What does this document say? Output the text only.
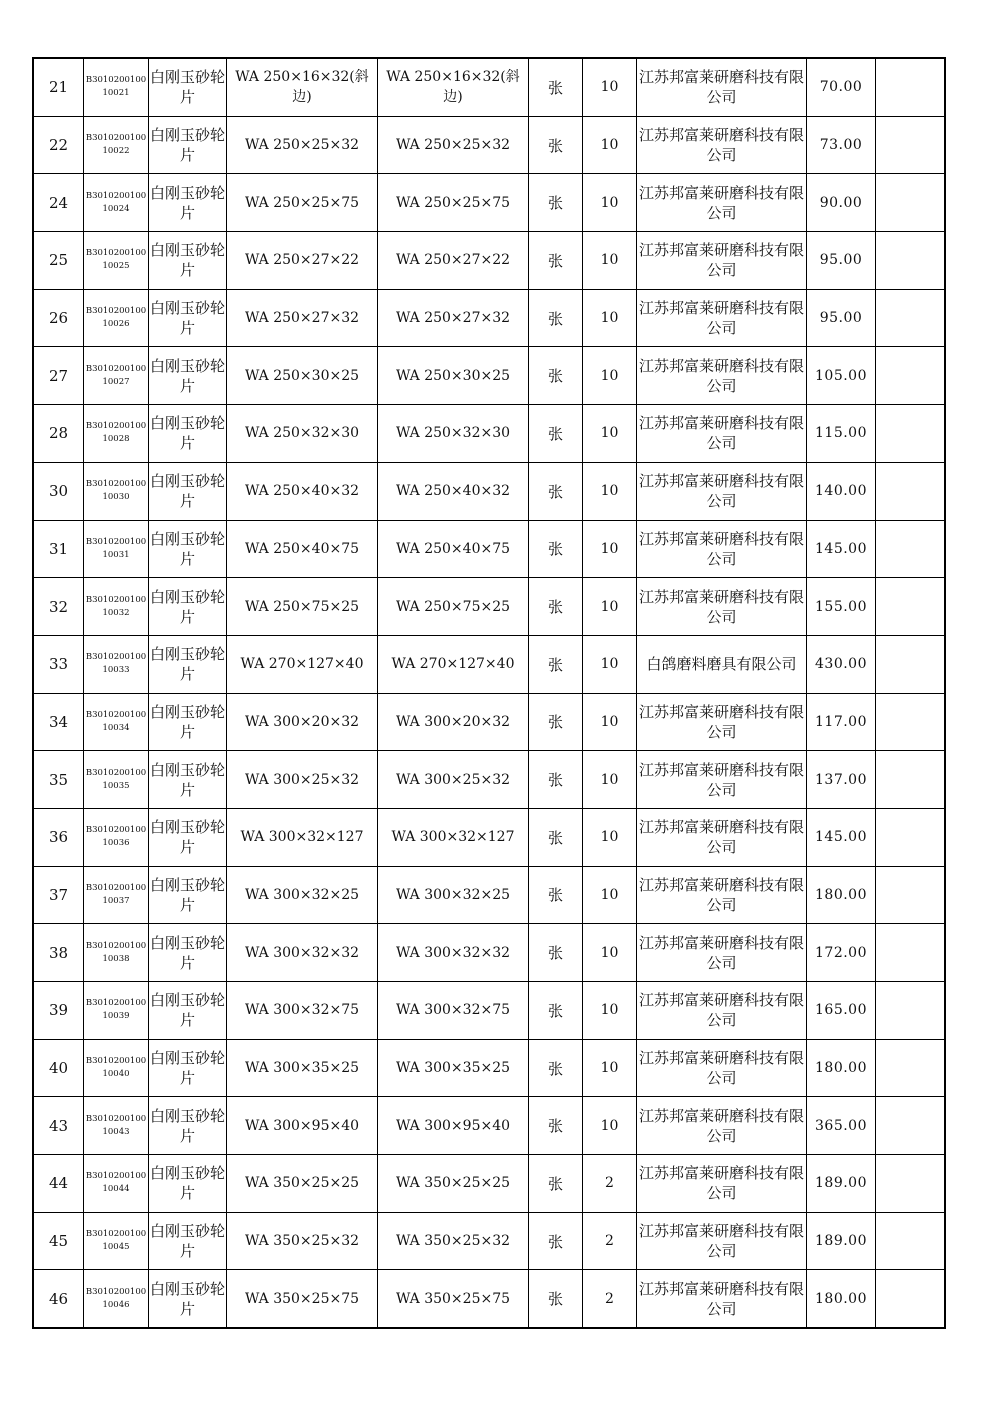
21	B301020010010021	白刚玉砂轮片	WA 250×16×32(斜边)	WA 250×16×32(斜边)	张	10	江苏邦富莱研磨科技有限公司	70.00	
22	B301020010010022	白刚玉砂轮片	WA 250×25×32	WA 250×25×32	张	10	江苏邦富莱研磨科技有限公司	73.00	
24	B301020010010024	白刚玉砂轮片	WA 250×25×75	WA 250×25×75	张	10	江苏邦富莱研磨科技有限公司	90.00	
25	B301020010010025	白刚玉砂轮片	WA 250×27×22	WA 250×27×22	张	10	江苏邦富莱研磨科技有限公司	95.00	
26	B301020010010026	白刚玉砂轮片	WA 250×27×32	WA 250×27×32	张	10	江苏邦富莱研磨科技有限公司	95.00	
27	B301020010010027	白刚玉砂轮片	WA 250×30×25	WA 250×30×25	张	10	江苏邦富莱研磨科技有限公司	105.00	
28	B301020010010028	白刚玉砂轮片	WA 250×32×30	WA 250×32×30	张	10	江苏邦富莱研磨科技有限公司	115.00	
30	B301020010010030	白刚玉砂轮片	WA 250×40×32	WA 250×40×32	张	10	江苏邦富莱研磨科技有限公司	140.00	
31	B301020010010031	白刚玉砂轮片	WA 250×40×75	WA 250×40×75	张	10	江苏邦富莱研磨科技有限公司	145.00	
32	B301020010010032	白刚玉砂轮片	WA 250×75×25	WA 250×75×25	张	10	江苏邦富莱研磨科技有限公司	155.00	
33	B301020010010033	白刚玉砂轮片	WA 270×127×40	WA 270×127×40	张	10	白鸽磨料磨具有限公司	430.00	
34	B301020010010034	白刚玉砂轮片	WA 300×20×32	WA 300×20×32	张	10	江苏邦富莱研磨科技有限公司	117.00	
35	B301020010010035	白刚玉砂轮片	WA 300×25×32	WA 300×25×32	张	10	江苏邦富莱研磨科技有限公司	137.00	
36	B301020010010036	白刚玉砂轮片	WA 300×32×127	WA 300×32×127	张	10	江苏邦富莱研磨科技有限公司	145.00	
37	B301020010010037	白刚玉砂轮片	WA 300×32×25	WA 300×32×25	张	10	江苏邦富莱研磨科技有限公司	180.00	
38	B301020010010038	白刚玉砂轮片	WA 300×32×32	WA 300×32×32	张	10	江苏邦富莱研磨科技有限公司	172.00	
39	B301020010010039	白刚玉砂轮片	WA 300×32×75	WA 300×32×75	张	10	江苏邦富莱研磨科技有限公司	165.00	
40	B301020010010040	白刚玉砂轮片	WA 300×35×25	WA 300×35×25	张	10	江苏邦富莱研磨科技有限公司	180.00	
43	B301020010010043	白刚玉砂轮片	WA 300×95×40	WA 300×95×40	张	10	江苏邦富莱研磨科技有限公司	365.00	
44	B301020010010044	白刚玉砂轮片	WA 350×25×25	WA 350×25×25	张	2	江苏邦富莱研磨科技有限公司	189.00	
45	B301020010010045	白刚玉砂轮片	WA 350×25×32	WA 350×25×32	张	2	江苏邦富莱研磨科技有限公司	189.00	
46	B301020010010046	白刚玉砂轮片	WA 350×25×75	WA 350×25×75	张	2	江苏邦富莱研磨科技有限公司	180.00	
